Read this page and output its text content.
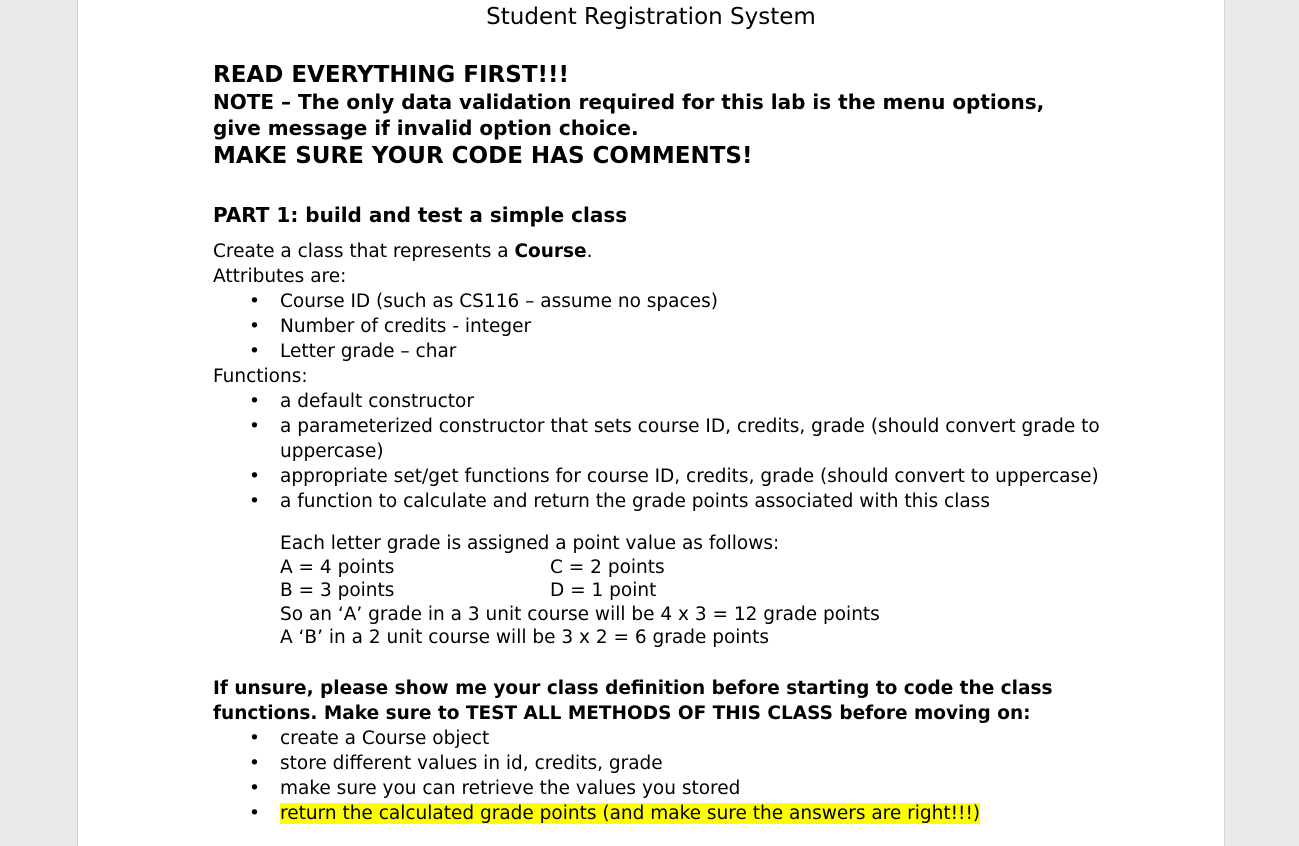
Student Registration System

READ EVERYTHING FIRST!!!

NOTE – The only data validation required for this lab is the menu options,

give message if invalid option choice.

MAKE SURE YOUR CODE HAS COMMENTS!

PART 1: build and test a simple class

Create a class that represents a Course.

Attributes are:

• Course ID (such as CS116 – assume no spaces)
• Number of credits - integer
• Letter grade – char

Functions:

• a default constructor
• a parameterized constructor that sets course ID, credits, grade (should convert grade to
uppercase)
• appropriate set/get functions for course ID, credits, grade (should convert to uppercase)
• a function to calculate and return the grade points associated with this class

Each letter grade is assigned a point value as follows:

A = 4 points	C = 2 points

B = 3 points	D = 1 point

So an ‘A’ grade in a 3 unit course will be 4 x 3 = 12 grade points

A ‘B’ in a 2 unit course will be 3 x 2 = 6 grade points

If unsure, please show me your class definition before starting to code the class

functions. Make sure to TEST ALL METHODS OF THIS CLASS before moving on:

• create a Course object
• store different values in id, credits, grade
• make sure you can retrieve the values you stored
• return the calculated grade points (and make sure the answers are right!!!)
